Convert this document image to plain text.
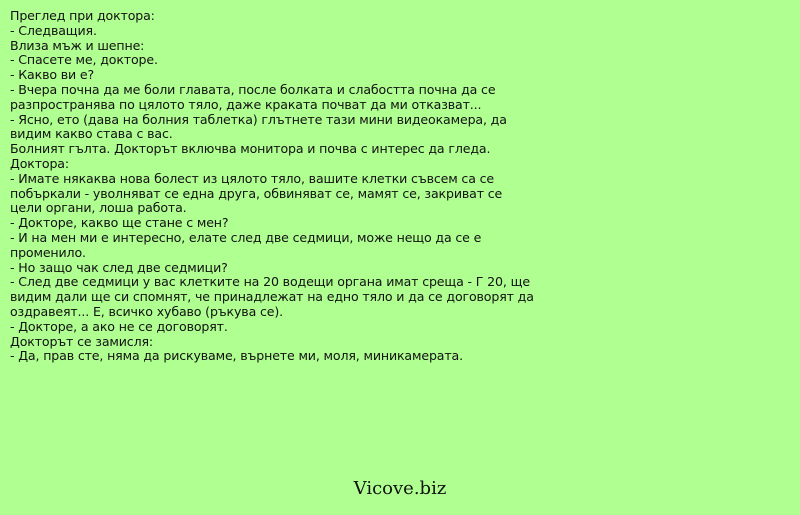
Преглед при доктора:
- Следващия.
Влиза мъж и шепне:
- Спасете ме, докторе.
- Какво ви е?
- Вчера почна да ме боли главата, после болката и слабостта почна да се
разпространява по цялото тяло, даже краката почват да ми отказват...
- Ясно, ето (дава на болния таблетка) глътнете тази мини видеокамера, да
видим какво става с вас.
Болният гълта. Докторът включва монитора и почва с интерес да гледа.
Доктора:
- Имате някаква нова болест из цялото тяло, вашите клетки съвсем са се
побъркали - уволняват се една друга, обвиняват се, мамят се, закриват се
цели органи, лоша работа.
- Докторе, какво ще стане с мен?
- И на мен ми е интересно, елате след две седмици, може нещо да се е
променило.
- Но защо чак след две седмици?
- След две седмици у вас клетките на 20 водещи органа имат среща - Г 20, ще
видим дали ще си спомнят, че принадлежат на едно тяло и да се договорят да
оздравеят... Е, всичко хубаво (ръкува се).
- Докторе, а ако не се договорят.
Докторът се замисля:
- Да, прав сте, няма да рискуваме, върнете ми, моля, миникамерата.
Vicove.biz
